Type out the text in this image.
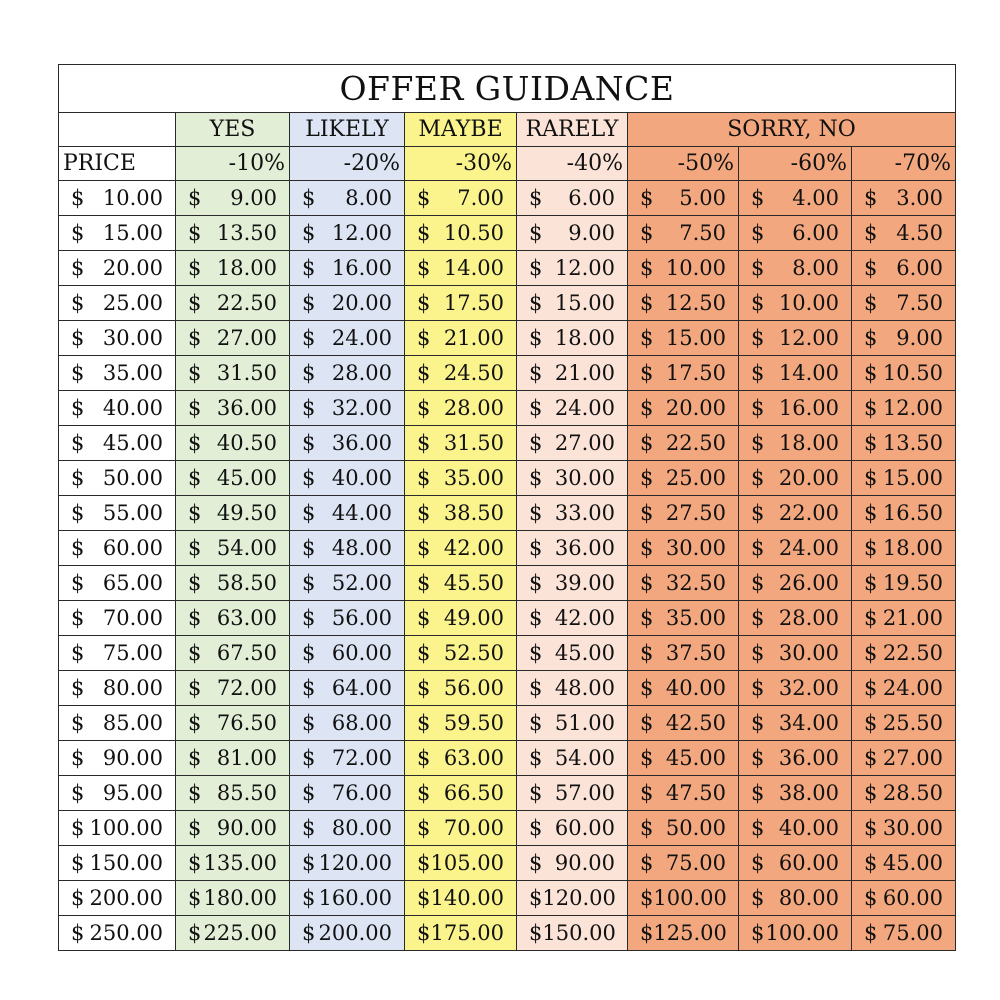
OFFER GUIDANCE							
	YES	LIKELY	MAYBE	RARELY	SORRY, NO		
PRICE	-10%	-20%	-30%	-40%	-50%	-60%	-70%

$ 10.00	$ 9.00	$ 8.00	$ 7.00	$ 6.00	$ 5.00	$ 4.00	$ 3.00

$ 15.00	$ 13.50	$ 12.00	$ 10.50	$ 9.00	$ 7.50	$ 6.00	$ 4.50

$ 20.00	$ 18.00	$ 16.00	$ 14.00	$ 12.00	$ 10.00	$ 8.00	$ 6.00

$ 25.00	$ 22.50	$ 20.00	$ 17.50	$ 15.00	$ 12.50	$ 10.00	$ 7.50

$ 30.00	$ 27.00	$ 24.00	$ 21.00	$ 18.00	$ 15.00	$ 12.00	$ 9.00

$ 35.00	$ 31.50	$ 28.00	$ 24.50	$ 21.00	$ 17.50	$ 14.00	$ 10.50

$ 40.00	$ 36.00	$ 32.00	$ 28.00	$ 24.00	$ 20.00	$ 16.00	$ 12.00

$ 45.00	$ 40.50	$ 36.00	$ 31.50	$ 27.00	$ 22.50	$ 18.00	$ 13.50

$ 50.00	$ 45.00	$ 40.00	$ 35.00	$ 30.00	$ 25.00	$ 20.00	$ 15.00

$ 55.00	$ 49.50	$ 44.00	$ 38.50	$ 33.00	$ 27.50	$ 22.00	$ 16.50

$ 60.00	$ 54.00	$ 48.00	$ 42.00	$ 36.00	$ 30.00	$ 24.00	$ 18.00

$ 65.00	$ 58.50	$ 52.00	$ 45.50	$ 39.00	$ 32.50	$ 26.00	$ 19.50

$ 70.00	$ 63.00	$ 56.00	$ 49.00	$ 42.00	$ 35.00	$ 28.00	$ 21.00

$ 75.00	$ 67.50	$ 60.00	$ 52.50	$ 45.00	$ 37.50	$ 30.00	$ 22.50

$ 80.00	$ 72.00	$ 64.00	$ 56.00	$ 48.00	$ 40.00	$ 32.00	$ 24.00

$ 85.00	$ 76.50	$ 68.00	$ 59.50	$ 51.00	$ 42.50	$ 34.00	$ 25.50

$ 90.00	$ 81.00	$ 72.00	$ 63.00	$ 54.00	$ 45.00	$ 36.00	$ 27.00

$ 95.00	$ 85.50	$ 76.00	$ 66.50	$ 57.00	$ 47.50	$ 38.00	$ 28.50

$ 100.00	$ 90.00	$ 80.00	$ 70.00	$ 60.00	$ 50.00	$ 40.00	$ 30.00

$ 150.00	$ 135.00	$ 120.00	$ 105.00	$ 90.00	$ 75.00	$ 60.00	$ 45.00

$ 200.00	$ 180.00	$ 160.00	$ 140.00	$ 120.00	$ 100.00	$ 80.00	$ 60.00

$ 250.00	$ 225.00	$ 200.00	$ 175.00	$ 150.00	$ 125.00	$ 100.00	$ 75.00
